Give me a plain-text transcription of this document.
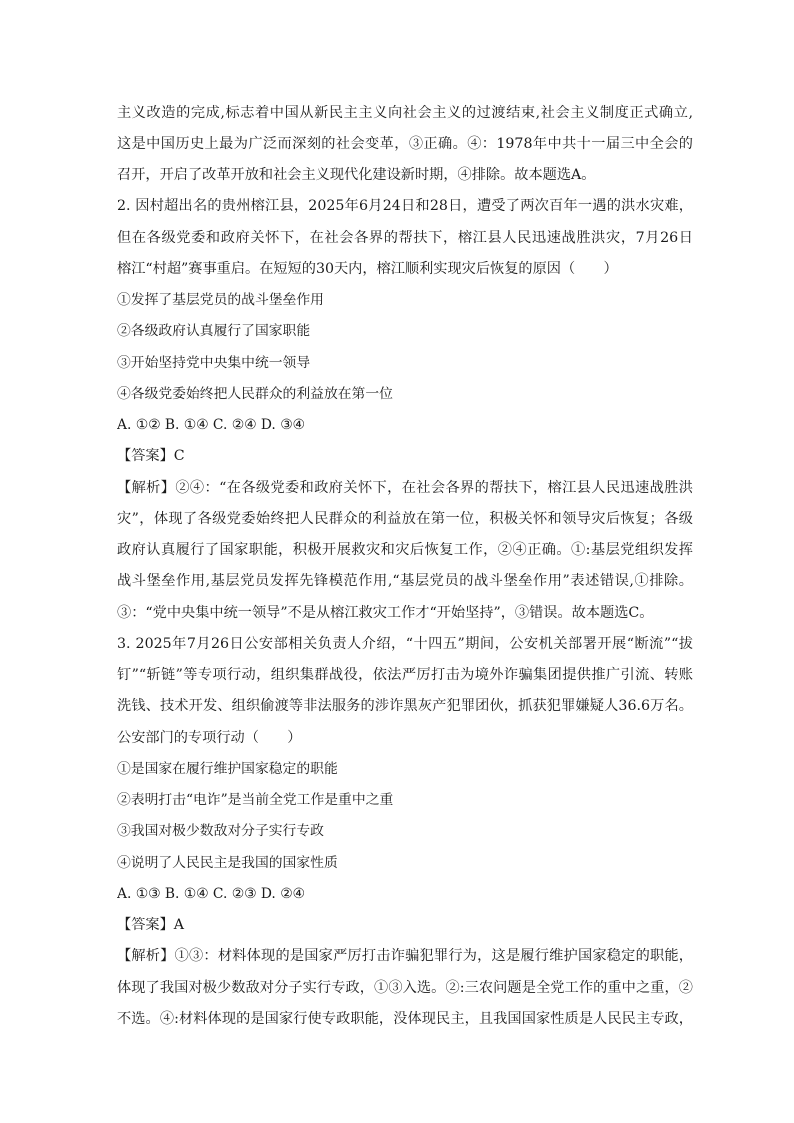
主义改造的完成,标志着中国从新民主主义向社会主义的过渡结束,社会主义制度正式确立,
这是中国历史上最为广泛而深刻的社会变革，③正确。④：1978年中共十一届三中全会的
召开，开启了改革开放和社会主义现代化建设新时期，④排除。故本题选A。
2. 因村超出名的贵州榕江县，2025年6月24日和28日，遭受了两次百年一遇的洪水灾难，
但在各级党委和政府关怀下，在社会各界的帮扶下，榕江县人民迅速战胜洪灾，7月26日
榕江“村超”赛事重启。在短短的30天内，榕江顺利实现灾后恢复的原因（　　）
①发挥了基层党员的战斗堡垒作用
②各级政府认真履行了国家职能
③开始坚持党中央集中统一领导
④各级党委始终把人民群众的利益放在第一位
A. ①② B. ①④ C. ②④ D. ③④
【答案】C
【解析】②④：“在各级党委和政府关怀下，在社会各界的帮扶下，榕江县人民迅速战胜洪
灾”，体现了各级党委始终把人民群众的利益放在第一位，积极关怀和领导灾后恢复；各级
政府认真履行了国家职能，积极开展救灾和灾后恢复工作，②④正确。①:基层党组织发挥
战斗堡垒作用,基层党员发挥先锋模范作用,“基层党员的战斗堡垒作用”表述错误,①排除。
③：“党中央集中统一领导”不是从榕江救灾工作才“开始坚持”，③错误。故本题选C。
3. 2025年7月26日公安部相关负责人介绍，“十四五”期间，公安机关部署开展“断流”“拔
钉”“斩链”等专项行动，组织集群战役，依法严厉打击为境外诈骗集团提供推广引流、转账
洗钱、技术开发、组织偷渡等非法服务的涉诈黑灰产犯罪团伙，抓获犯罪嫌疑人36.6万名。
公安部门的专项行动（　　）
①是国家在履行维护国家稳定的职能
②表明打击“电诈”是当前全党工作是重中之重
③我国对极少数敌对分子实行专政
④说明了人民民主是我国的国家性质
A. ①③ B. ①④ C. ②③ D. ②④
【答案】A
【解析】①③：材料体现的是国家严厉打击诈骗犯罪行为，这是履行维护国家稳定的职能，
体现了我国对极少数敌对分子实行专政，①③入选。②:三农问题是全党工作的重中之重，②
不选。④:材料体现的是国家行使专政职能，没体现民主，且我国国家性质是人民民主专政，
